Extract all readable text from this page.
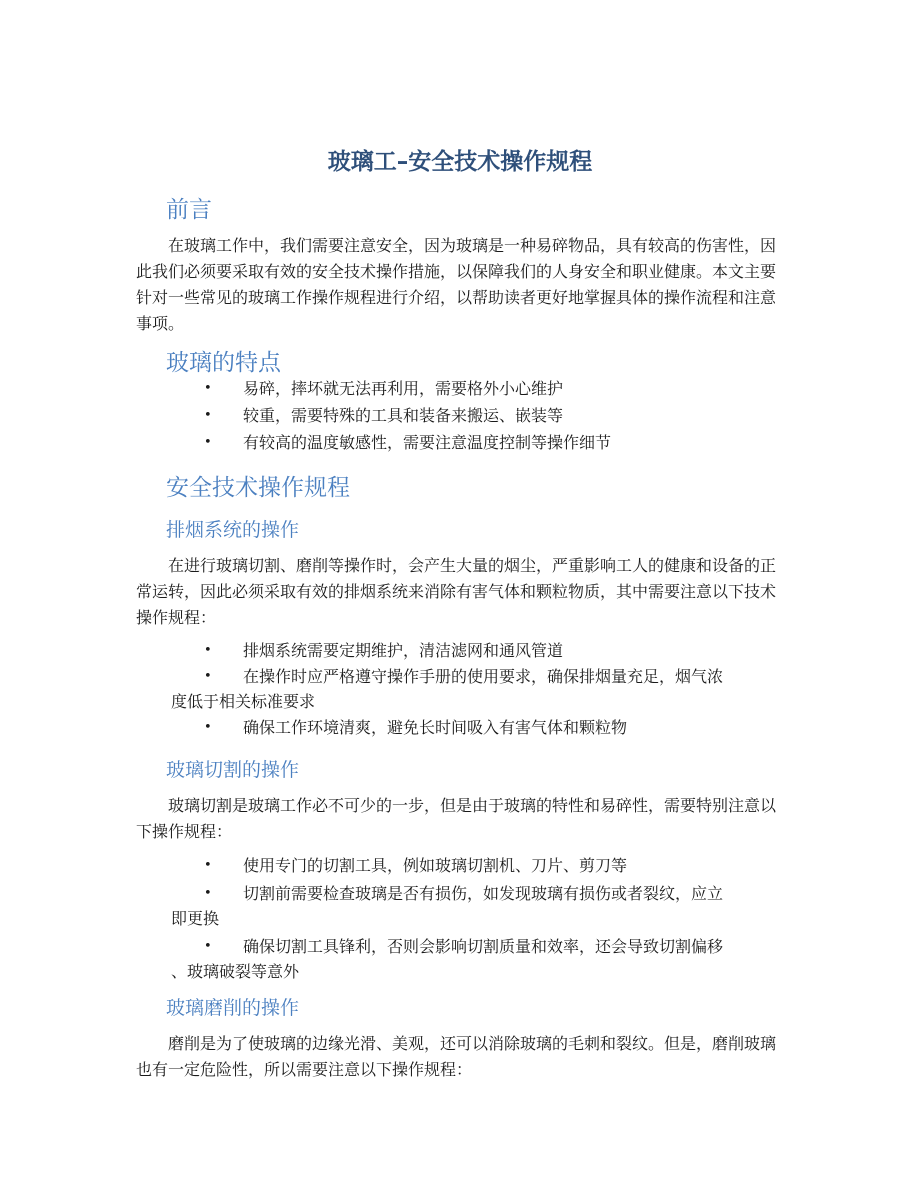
玻璃工–安全技术操作规程
前言

在玻璃工作中，我们需要注意安全，因为玻璃是一种易碎物品，具有较高的伤害性，因此我们必须要采取有效的安全技术操作措施，以保障我们的人身安全和职业健康。本文主要针对一些常见的玻璃工作操作规程进行介绍，以帮助读者更好地掌握具体的操作流程和注意事项。

玻璃的特点
• 易碎，摔坏就无法再利用，需要格外小心维护
• 较重，需要特殊的工具和装备来搬运、嵌装等
• 有较高的温度敏感性，需要注意温度控制等操作细节
安全技术操作规程
排烟系统的操作

在进行玻璃切割、磨削等操作时，会产生大量的烟尘，严重影响工人的健康和设备的正常运转，因此必须采取有效的排烟系统来消除有害气体和颗粒物质，其中需要注意以下技术操作规程：

• 排烟系统需要定期维护，清洁滤网和通风管道
• 在操作时应严格遵守操作手册的使用要求，确保排烟量充足，烟气浓
度低于相关标准要求
• 确保工作环境清爽，避免长时间吸入有害气体和颗粒物
玻璃切割的操作

玻璃切割是玻璃工作必不可少的一步，但是由于玻璃的特性和易碎性，需要特别注意以下操作规程：

• 使用专门的切割工具，例如玻璃切割机、刀片、剪刀等
• 切割前需要检查玻璃是否有损伤，如发现玻璃有损伤或者裂纹，应立
即更换
• 确保切割工具锋利，否则会影响切割质量和效率，还会导致切割偏移
、玻璃破裂等意外
玻璃磨削的操作

磨削是为了使玻璃的边缘光滑、美观，还可以消除玻璃的毛刺和裂纹。但是，磨削玻璃也有一定危险性，所以需要注意以下操作规程：
